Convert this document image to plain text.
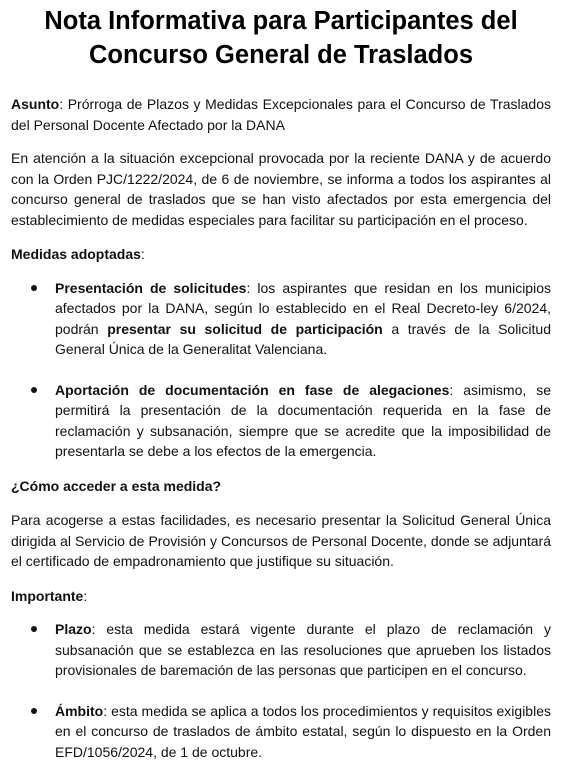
Nota Informativa para Participantes del
Concurso General de Traslados

Asunto: Prórroga de Plazos y Medidas Excepcionales para el Concurso de Traslados del Personal Docente Afectado por la DANA

En atención a la situación excepcional provocada por la reciente DANA y de acuerdo con la Orden PJC/1222/2024, de 6 de noviembre, se informa a todos los aspirantes al concurso general de traslados que se han visto afectados por esta emergencia del establecimiento de medidas especiales para facilitar su participación en el proceso.

Medidas adoptadas:

Presentación de solicitudes: los aspirantes que residan en los municipios afectados por la DANA, según lo establecido en el Real Decreto-ley 6/2024, podrán presentar su solicitud de participación a través de la Solicitud General Única de la Generalitat Valenciana.
Aportación de documentación en fase de alegaciones: asimismo, se permitirá la presentación de la documentación requerida en la fase de reclamación y subsanación, siempre que se acredite que la imposibilidad de presentarla se debe a los efectos de la emergencia.

¿Cómo acceder a esta medida?

Para acogerse a estas facilidades, es necesario presentar la Solicitud General Única dirigida al Servicio de Provisión y Concursos de Personal Docente, donde se adjuntará el certificado de empadronamiento que justifique su situación.

Importante:

Plazo: esta medida estará vigente durante el plazo de reclamación y subsanación que se establezca en las resoluciones que aprueben los listados provisionales de baremación de las personas que participen en el concurso.
Ámbito: esta medida se aplica a todos los procedimientos y requisitos exigibles en el concurso de traslados de ámbito estatal, según lo dispuesto en la Orden EFD/1056/2024, de 1 de octubre.
